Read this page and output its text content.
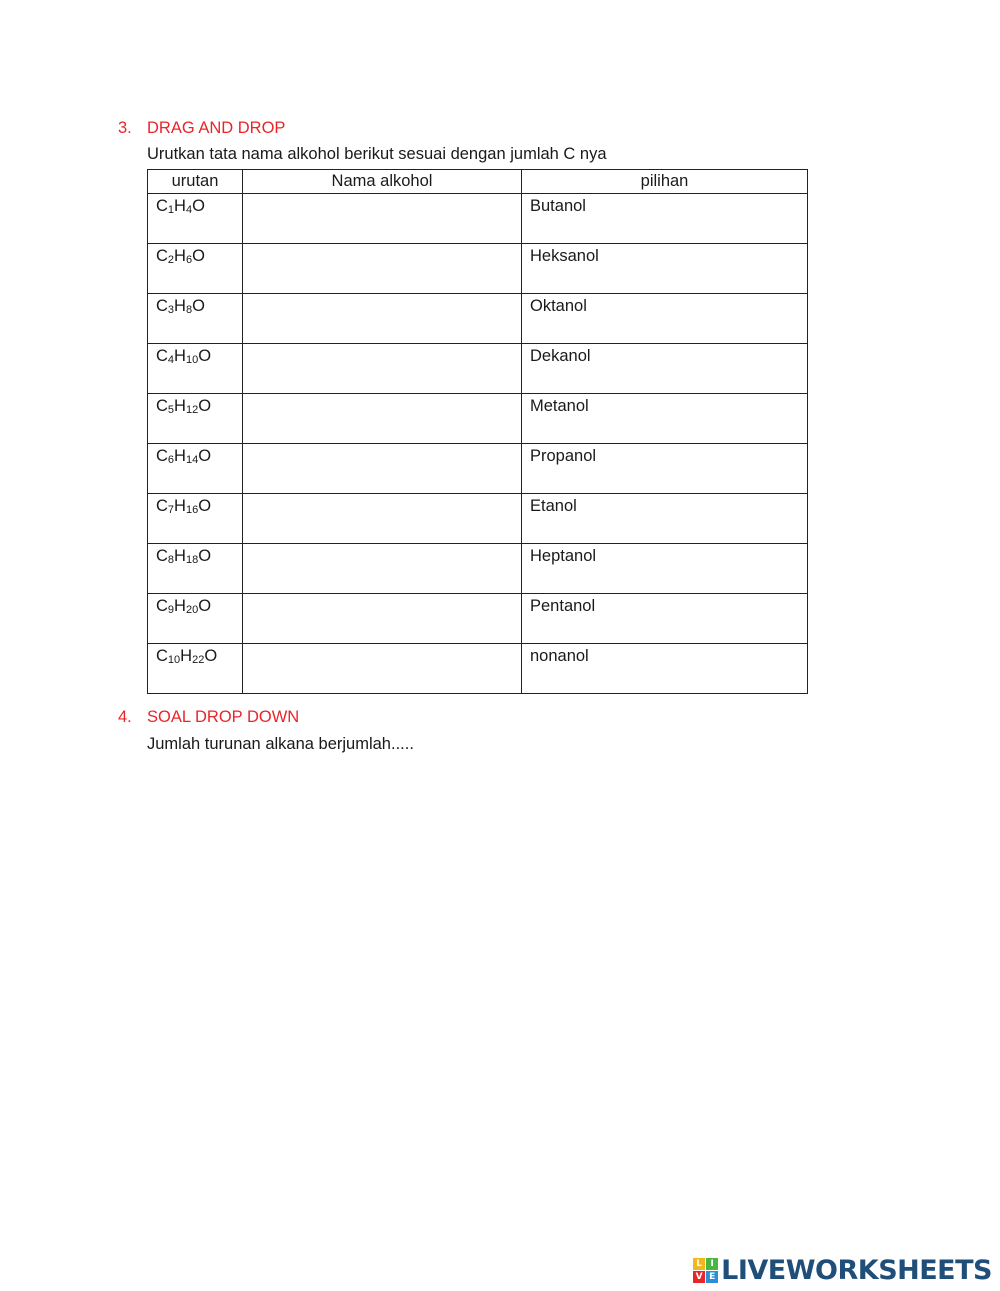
3. DRAG AND DROP
Urutkan tata nama alkohol berikut sesuai dengan jumlah C nya
urutan	Nama alkohol	pilihan
$C_1H_4O$		Butanol
$C_2H_6O$		Heksanol
$C_3H_8O$		Oktanol
$C_4H_{10}O$		Dekanol
$C_5H_{12}O$		Metanol
$C_6H_{14}O$		Propanol
$C_7H_{16}O$		Etanol
$C_8H_{18}O$		Heptanol
$C_9H_{20}O$		Pentanol
$C_{10}H_{22}O$		nonanol
4. SOAL DROP DOWN
Jumlah turunan alkana berjumlah.....
L I
V E LIVEWORKSHEETS
